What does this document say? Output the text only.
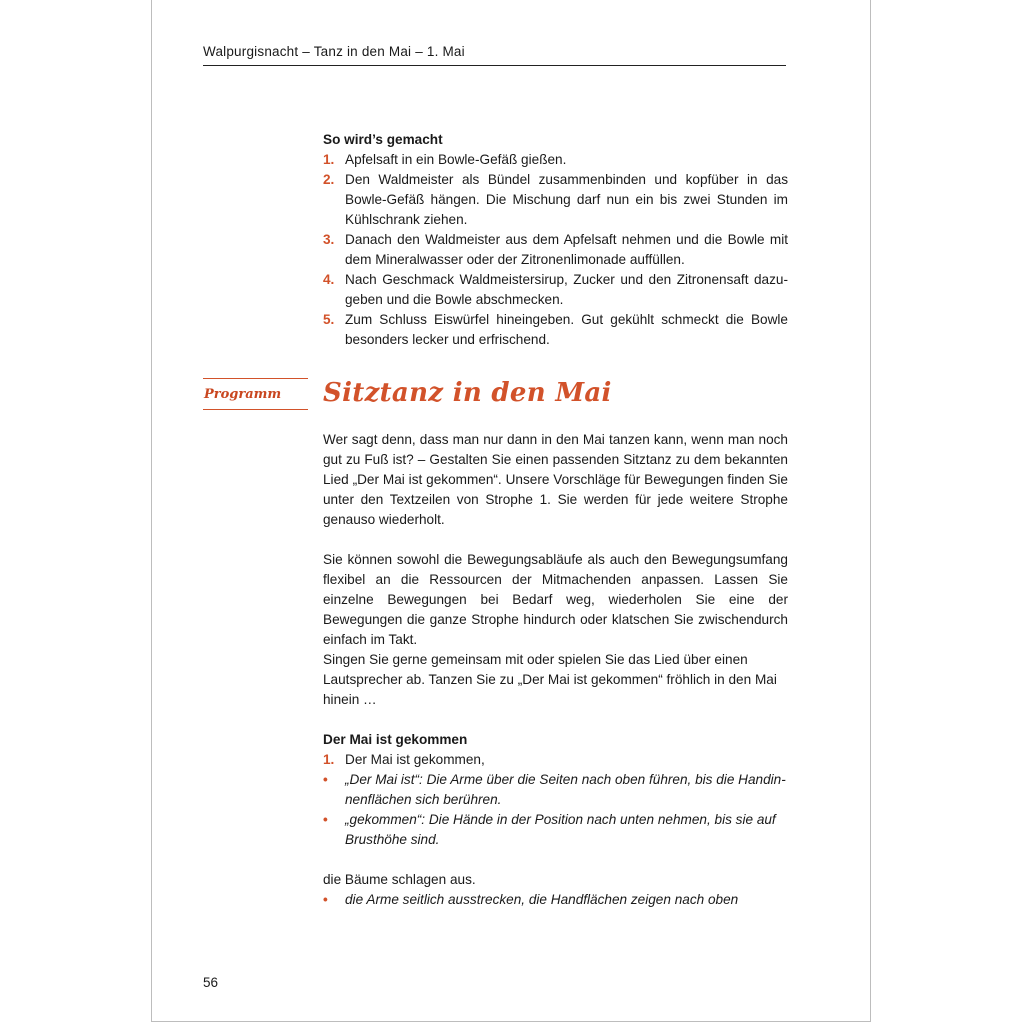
Walpurgisnacht – Tanz in den Mai – 1. Mai
So wird’s gemacht
1. Apfelsaft in ein Bowle-Gefäß gießen.
2. Den Waldmeister als Bündel zusammenbinden und kopfüber in das Bowle-Gefäß hängen. Die Mischung darf nun ein bis zwei Stunden im Kühlschrank ziehen.
3. Danach den Waldmeister aus dem Apfelsaft nehmen und die Bowle mit dem Mineralwasser oder der Zitronenlimonade auffüllen.
4. Nach Geschmack Waldmeistersirup, Zucker und den Zitronensaft dazugeben und die Bowle abschmecken.
5. Zum Schluss Eiswürfel hineingeben. Gut gekühlt schmeckt die Bowle besonders lecker und erfrischend.
Programm	Sitztanz in den Mai
Wer sagt denn, dass man nur dann in den Mai tanzen kann, wenn man noch gut zu Fuß ist? – Gestalten Sie einen passenden Sitztanz zu dem bekannten Lied „Der Mai ist gekommen“. Unsere Vorschläge für Bewegungen finden Sie unter den Textzeilen von Strophe 1. Sie werden für jede weitere Strophe genauso wiederholt.
Sie können sowohl die Bewegungsabläufe als auch den Bewegungsumfang flexibel an die Ressourcen der Mitmachenden anpassen. Lassen Sie einzelne Bewegungen bei Bedarf weg, wiederholen Sie eine der Bewegungen die ganze Strophe hindurch oder klatschen Sie zwischendurch einfach im Takt.
Singen Sie gerne gemeinsam mit oder spielen Sie das Lied über einen Lautsprecher ab. Tanzen Sie zu „Der Mai ist gekommen“ fröhlich in den Mai hinein …
Der Mai ist gekommen
1. Der Mai ist gekommen,
• „Der Mai ist“: Die Arme über die Seiten nach oben führen, bis die Handinnenflächen sich berühren.
• „gekommen“: Die Hände in der Position nach unten nehmen, bis sie auf Brusthöhe sind.
die Bäume schlagen aus.
• die Arme seitlich ausstrecken, die Handflächen zeigen nach oben
56
